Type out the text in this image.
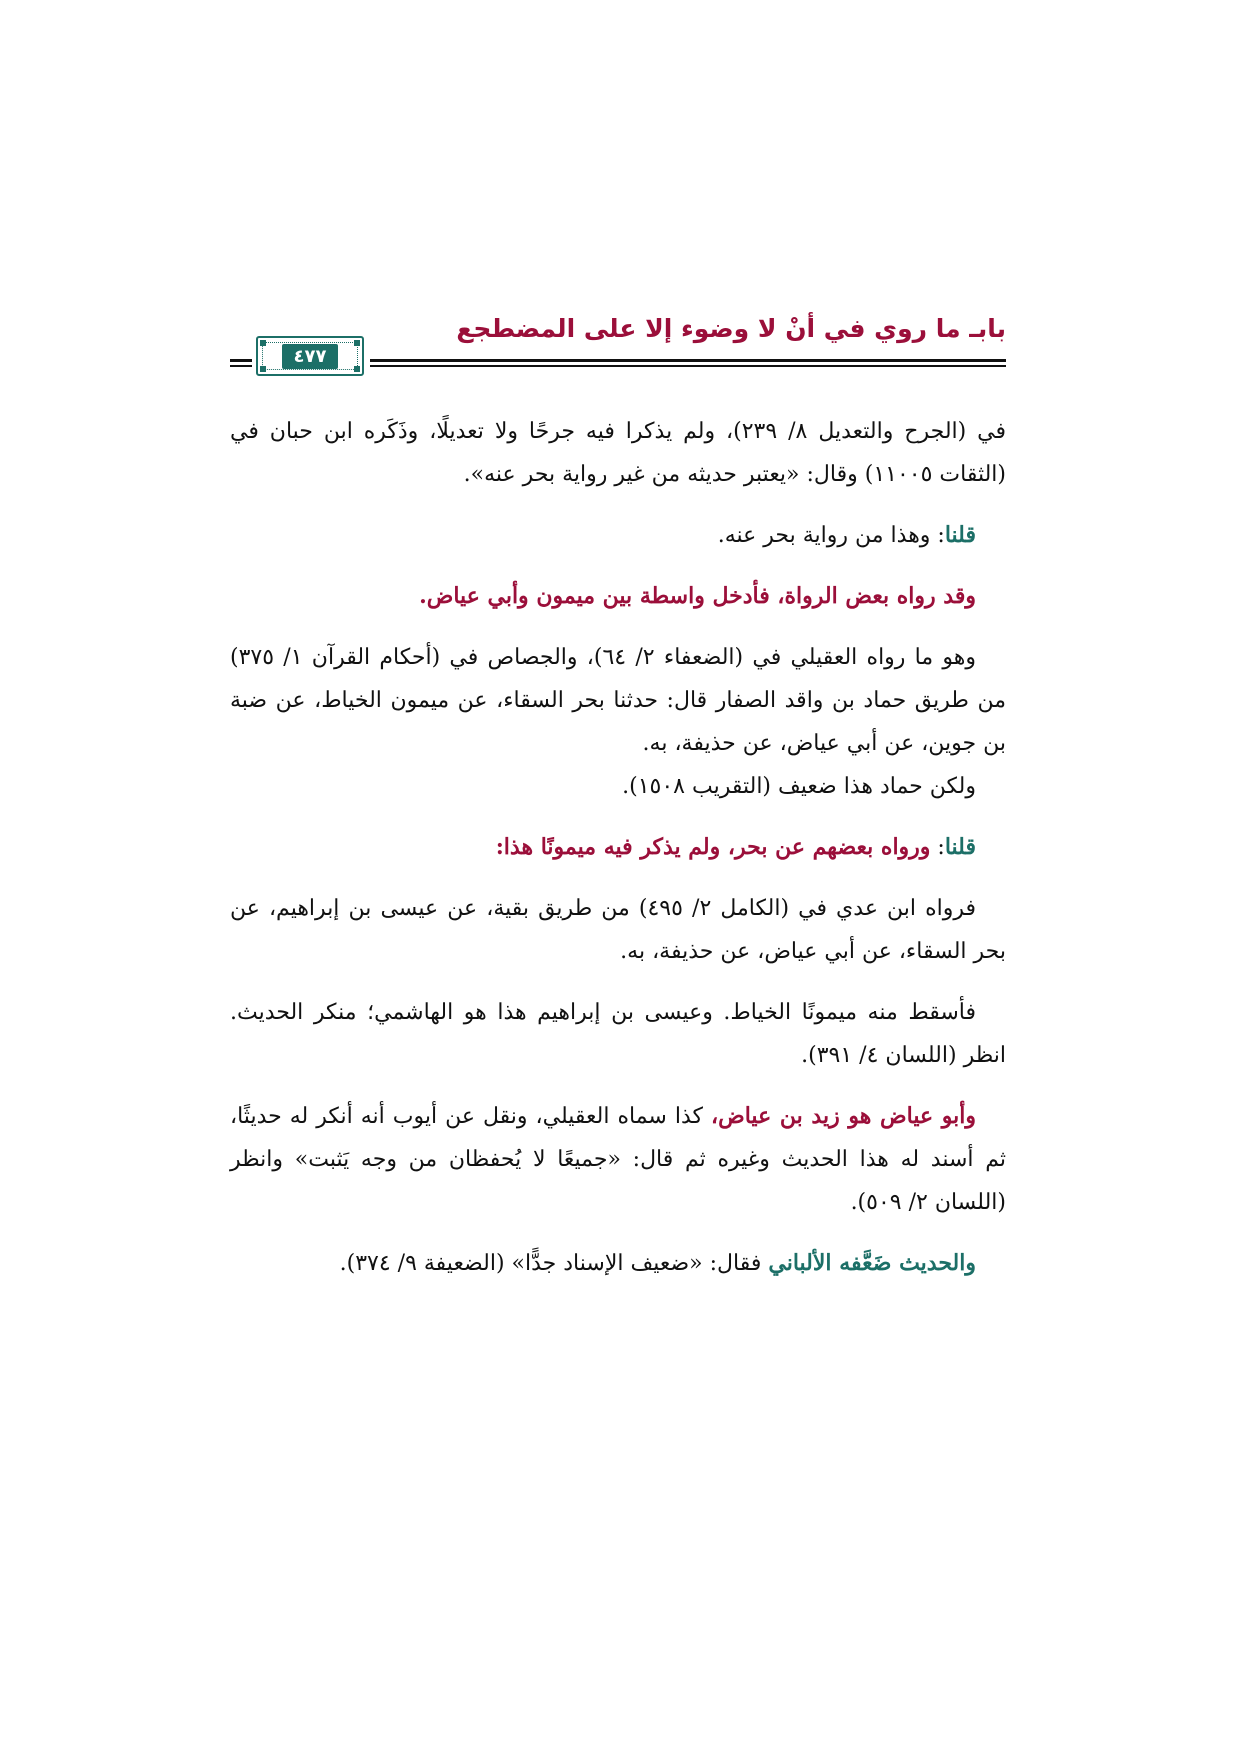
بابـ ما روي في أنْ لا وضوء إلا على المضطجع
٤٧٧

في (الجرح والتعديل ٨/ ٢٣٩)، ولم يذكرا فيه جرحًا ولا تعديلًا، وذَكَره ابن حبان في (الثقات ١١٠٠٥) وقال: «يعتبر حديثه من غير رواية بحر عنه».

قلنا: وهذا من رواية بحر عنه.

وقد رواه بعض الرواة، فأدخل واسطة بين ميمون وأبي عياض.

وهو ما رواه العقيلي في (الضعفاء ٢/ ٦٤)، والجصاص في (أحكام القرآن ١/ ٣٧٥) من طريق حماد بن واقد الصفار قال: حدثنا بحر السقاء، عن ميمون الخياط، عن ضبة بن جوين، عن أبي عياض، عن حذيفة، به.

ولكن حماد هذا ضعيف (التقريب ١٥٠٨).

قلنا: ورواه بعضهم عن بحر، ولم يذكر فيه ميمونًا هذا:

فرواه ابن عدي في (الكامل ٢/ ٤٩٥) من طريق بقية، عن عيسى بن إبراهيم، عن بحر السقاء، عن أبي عياض، عن حذيفة، به.

فأسقط منه ميمونًا الخياط. وعيسى بن إبراهيم هذا هو الهاشمي؛ منكر الحديث. انظر (اللسان ٤/ ٣٩١).

وأبو عياض هو زيد بن عياض، كذا سماه العقيلي، ونقل عن أيوب أنه أنكر له حديثًا، ثم أسند له هذا الحديث وغيره ثم قال: «جميعًا لا يُحفظان من وجه يَثبت» وانظر (اللسان ٢/ ٥٠٩).

والحديث ضَعَّفه الألباني فقال: «ضعيف الإسناد جدًّا» (الضعيفة ٩/ ٣٧٤).
